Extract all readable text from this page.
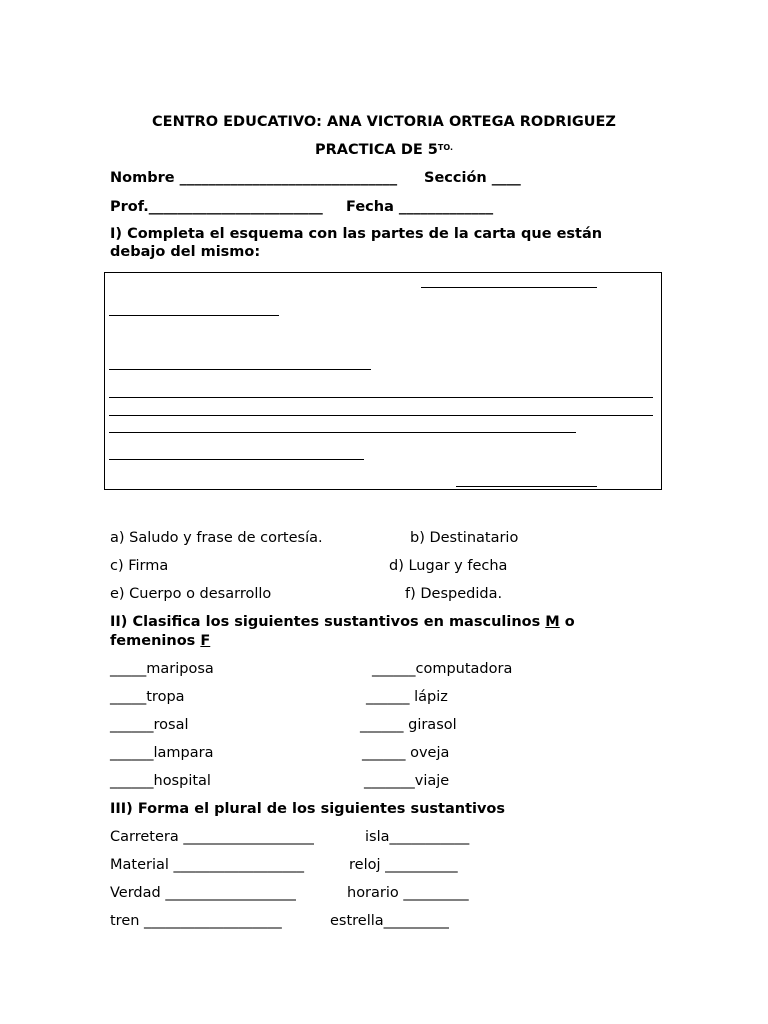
CENTRO EDUCATIVO: ANA VICTORIA ORTEGA RODRIGUEZ
PRACTICA DE $5^{TO.}$
Nombre ______________________________ Sección ____
Prof.________________________ Fecha _____________
I) Completa el esquema con las partes de la carta que están
debajo del mismo:
a) Saludo y frase de cortesía.	b) Destinatario
c) Firma	d) Lugar y fecha
e) Cuerpo o desarrollo	f) Despedida.
II) Clasifica los siguientes sustantivos en masculinos M o
femeninos F
_____mariposa	______computadora
_____tropa	______ lápiz
______rosal	______ girasol
______lampara	______ oveja
______hospital	_______viaje
III) Forma el plural de los siguientes sustantivos
Carretera __________________	isla___________
Material __________________	reloj __________
Verdad __________________	horario _________
tren ___________________	estrella_________
